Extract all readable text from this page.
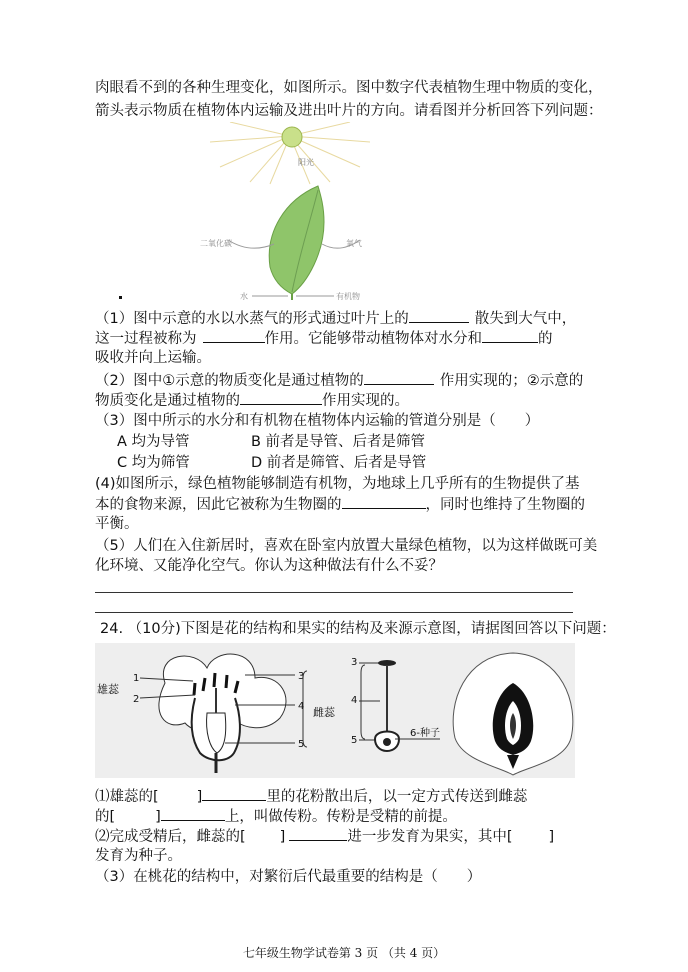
肉眼看不到的各种生理变化，如图所示。图中数字代表植物生理中物质的变化，
箭头表示物质在植物体内运输及进出叶片的方向。请看图并分析回答下列问题：
阳光
二氧化碳	氧气
水	有机物
（1）图中示意的水以水蒸气的形式通过叶片上的	散失到大气中，
这一过程被称为	作用。它能够带动植物体对水分和	的
吸收并向上运输。
（2）图中①示意的物质变化是通过植物的	作用实现的；②示意的
物质变化是通过植物的	作用实现的。
（3）图中所示的水分和有机物在植物体内运输的管道分别是（　　）
A 均为导管	B 前者是导管、后者是筛管
C 均为筛管	D 前者是筛管、后者是导管
(4)如图所示，绿色植物能够制造有机物，为地球上几乎所有的生物提供了基
本的食物来源，因此它被称为生物圈的	，同时也维持了生物圈的
平衡。
（5）人们在入住新居时，喜欢在卧室内放置大量绿色植物，以为这样做既可美
化环境、又能净化空气。你认为这种做法有什么不妥？
24. （10分)下图是花的结构和果实的结构及来源示意图，请据图回答以下问题：
雄蕊
1
2
3
4
5
雌蕊
3
4
5
6-种子
⑴雄蕊的[	]	里的花粉散出后，以一定方式传送到雌蕊
的[	]	上，叫做传粉。传粉是受精的前提。
⑵完成受精后，雌蕊的[ ]	进一步发育为果实，其中[ ]
发育为种子。
（3）在桃花的结构中，对繁衍后代最重要的结构是（　　）
七年级生物学试卷第 3 页 （共 4 页）
